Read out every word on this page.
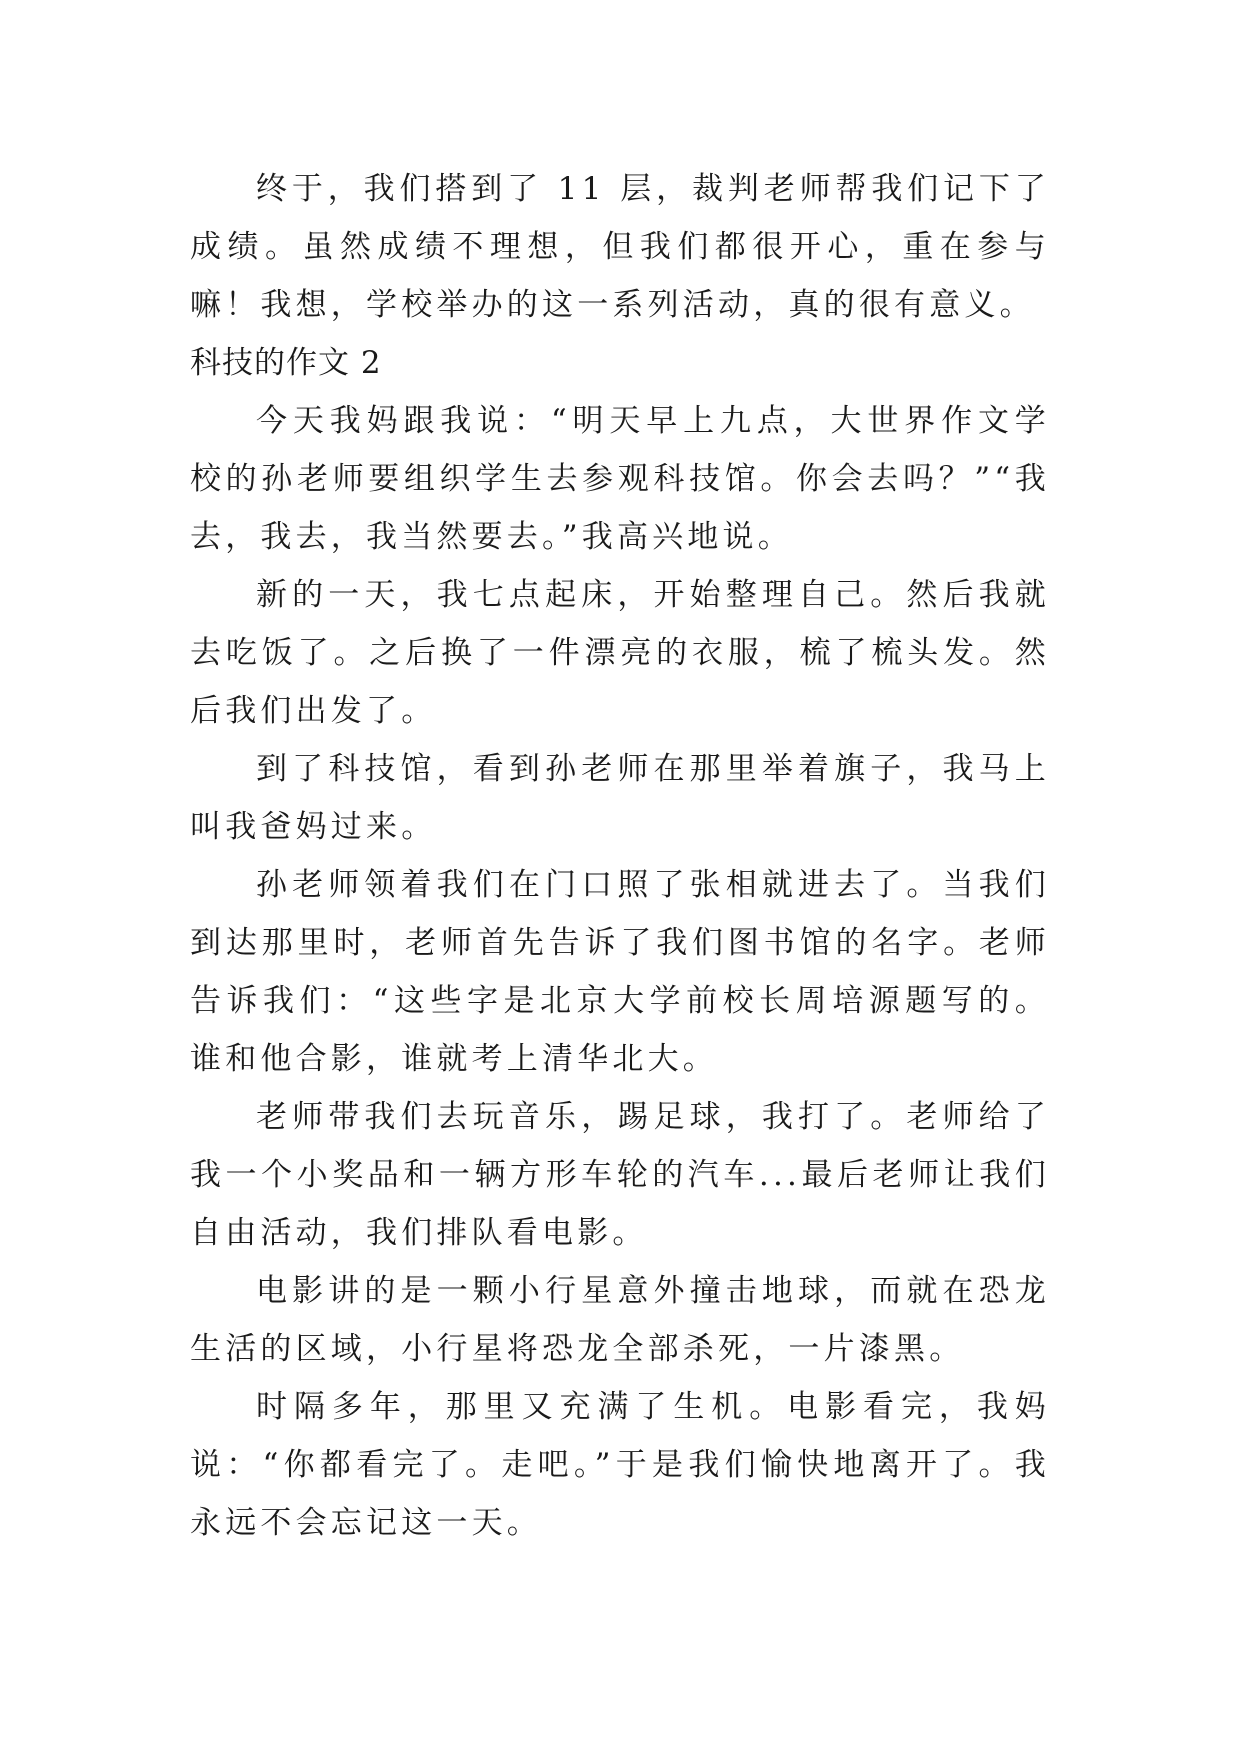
终于，我们搭到了 11 层，裁判老师帮我们记下了成绩。虽然成绩不理想，但我们都很开心，重在参与嘛！我想，学校举办的这一系列活动，真的很有意义。

科技的作文 2

今天我妈跟我说：“明天早上九点，大世界作文学校的孙老师要组织学生去参观科技馆。你会去吗？”“我去，我去，我当然要去。”我高兴地说。

新的一天，我七点起床，开始整理自己。然后我就去吃饭了。之后换了一件漂亮的衣服，梳了梳头发。然后我们出发了。

到了科技馆，看到孙老师在那里举着旗子，我马上叫我爸妈过来。

孙老师领着我们在门口照了张相就进去了。当我们到达那里时，老师首先告诉了我们图书馆的名字。老师告诉我们：“这些字是北京大学前校长周培源题写的。谁和他合影，谁就考上清华北大。

老师带我们去玩音乐，踢足球，我打了。老师给了我一个小奖品和一辆方形车轮的汽车...最后老师让我们自由活动，我们排队看电影。

电影讲的是一颗小行星意外撞击地球，而就在恐龙生活的区域，小行星将恐龙全部杀死，一片漆黑。

时隔多年，那里又充满了生机。电影看完，我妈说：“你都看完了。走吧。”于是我们愉快地离开了。我永远不会忘记这一天。
